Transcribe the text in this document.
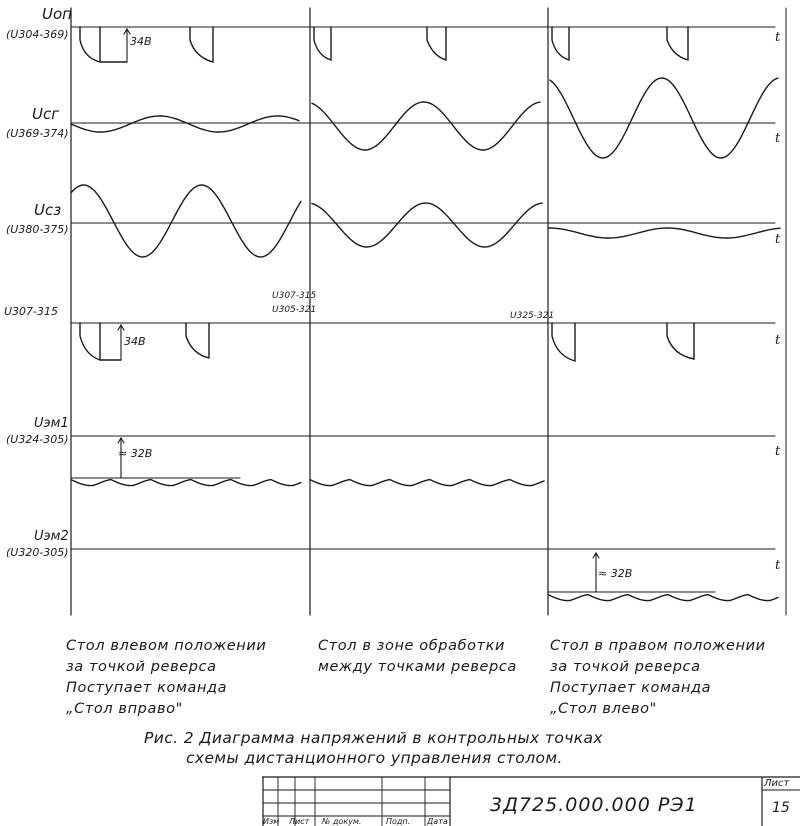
Uоп
(U304-369)
Uсг
(U369-374)
Uсз
(U380-375)
U307-315
U307-315
U305-321
U325-321
Uэм1
(U324-305)
Uэм2
(U320-305)
34В
34В
≈ 32В
≈ 32В
t
t
t
t
t
t
Стол влевом положении
за точкой реверса
Поступает команда
„Стол вправо"
Стол в зоне обработки
между точками реверса
Стол в правом положении
за точкой реверса
Поступает команда
„Стол влево"
Рис. 2 Диаграмма напряжений в контрольных точках
схемы дистанционного управления столом.
3Д725.000.000 РЭ1
Лист
15
Изм Лист № докум.	Подп. Дата
